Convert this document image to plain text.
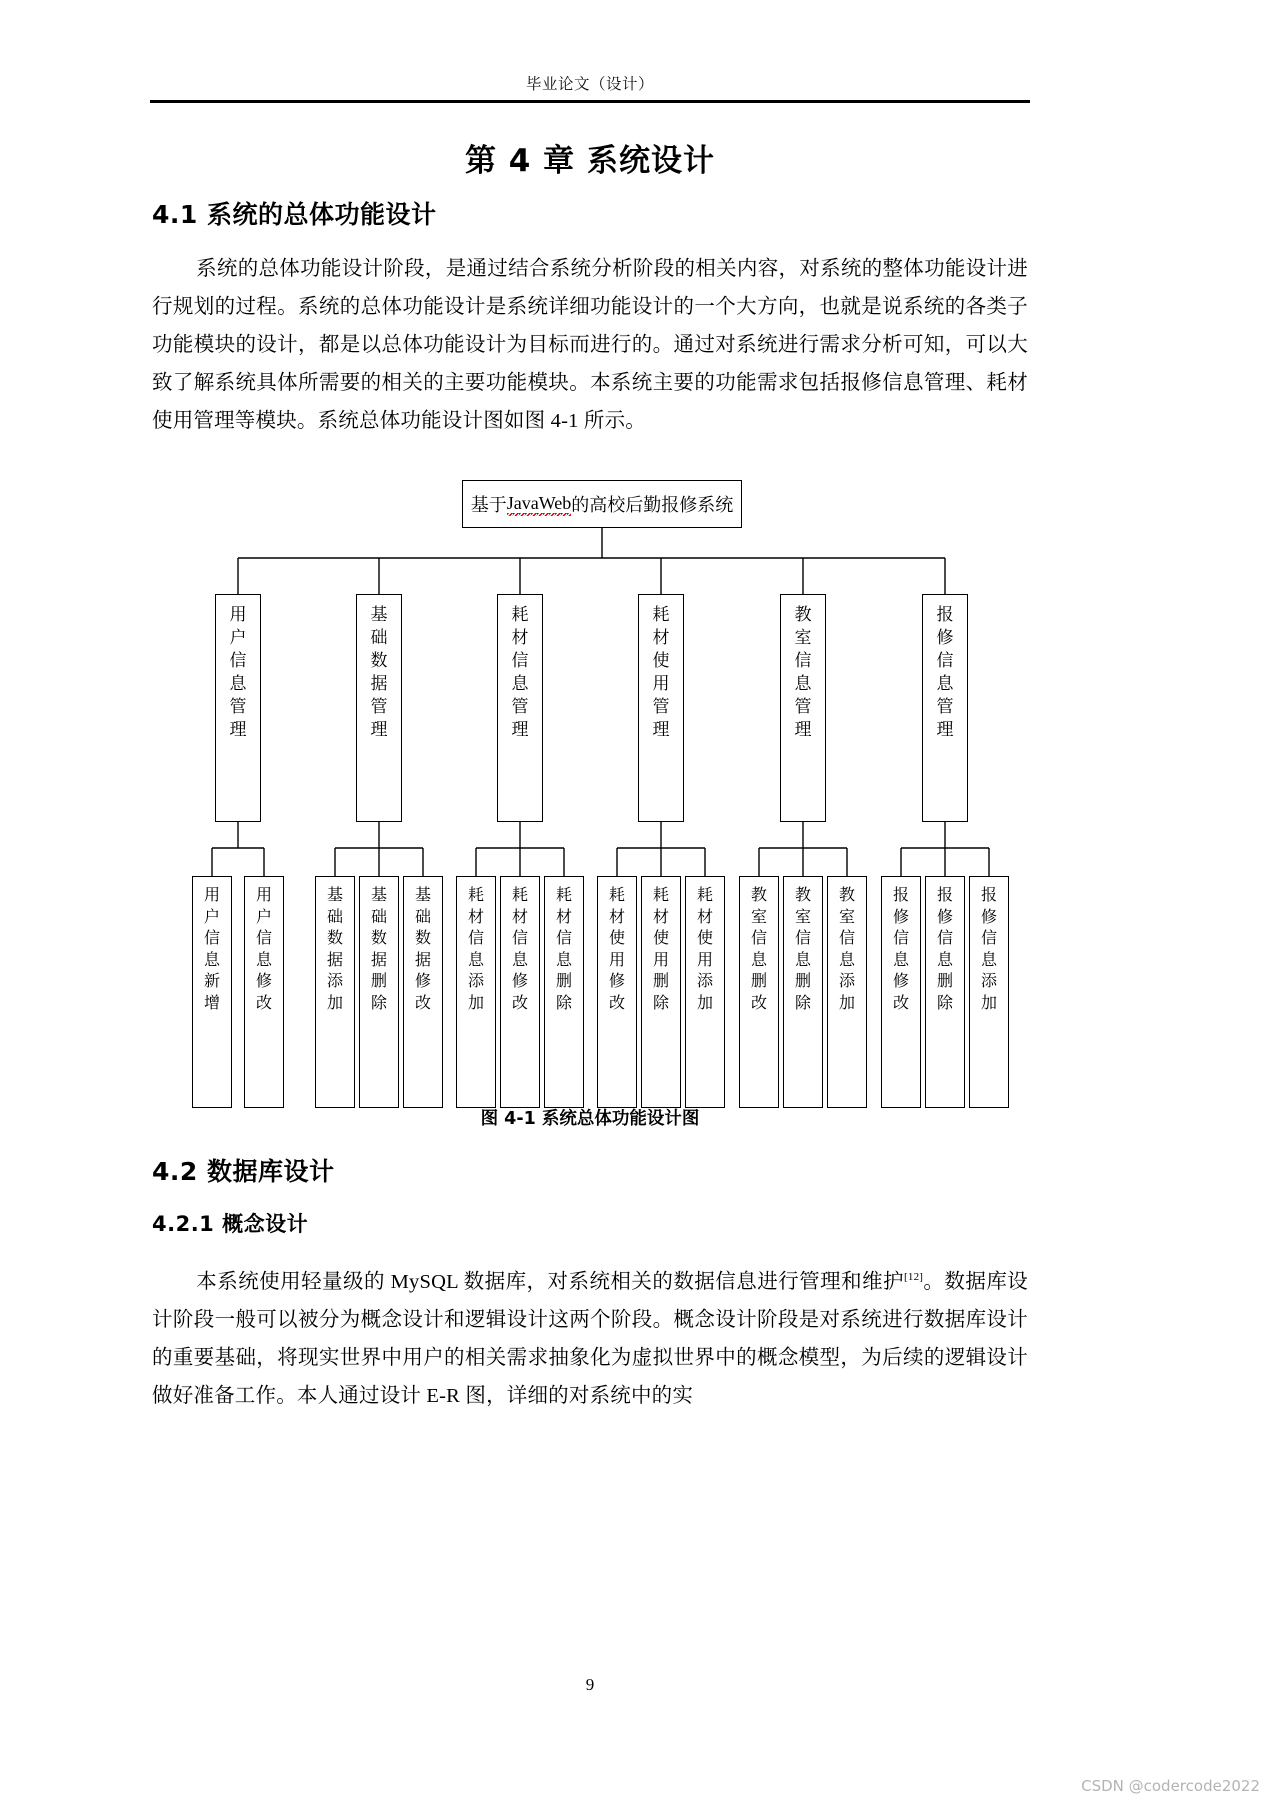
毕业论文（设计）
第 4 章 系统设计
4.1 系统的总体功能设计
系统的总体功能设计阶段，是通过结合系统分析阶段的相关内容，对系统的整体功能设计进行规划的过程。系统的总体功能设计是系统详细功能设计的一个大方向，也就是说系统的各类子功能模块的设计，都是以总体功能设计为目标而进行的。通过对系统进行需求分析可知，可以大致了解系统具体所需要的相关的主要功能模块。本系统主要的功能需求包括报修信息管理、耗材使用管理等模块。系统总体功能设计图如图 4-1 所示。
基于 JavaWeb 的高校后勤报修系统
用
户
信
息
管
理
基
础
数
据
管
理
耗
材
信
息
管
理
耗
材
使
用
管
理
教
室
信
息
管
理
报
修
信
息
管
理
用
户
信
息
新
增
用
户
信
息
修
改
基
础
数
据
添
加
基
础
数
据
删
除
基
础
数
据
修
改
耗
材
信
息
添
加
耗
材
信
息
修
改
耗
材
信
息
删
除
耗
材
使
用
修
改
耗
材
使
用
删
除
耗
材
使
用
添
加
教
室
信
息
删
改
教
室
信
息
删
除
教
室
信
息
添
加
报
修
信
息
修
改
报
修
信
息
删
除
报
修
信
息
添
加
图 4-1 系统总体功能设计图
4.2 数据库设计
4.2.1 概念设计
本系统使用轻量级的 MySQL 数据库，对系统相关的数据信息进行管理和维护[12]。数据库设计阶段一般可以被分为概念设计和逻辑设计这两个阶段。概念设计阶段是对系统进行数据库设计的重要基础，将现实世界中用户的相关需求抽象化为虚拟世界中的概念模型，为后续的逻辑设计做好准备工作。本人通过设计 E-R 图，详细的对系统中的实
9
CSDN @codercode2022
